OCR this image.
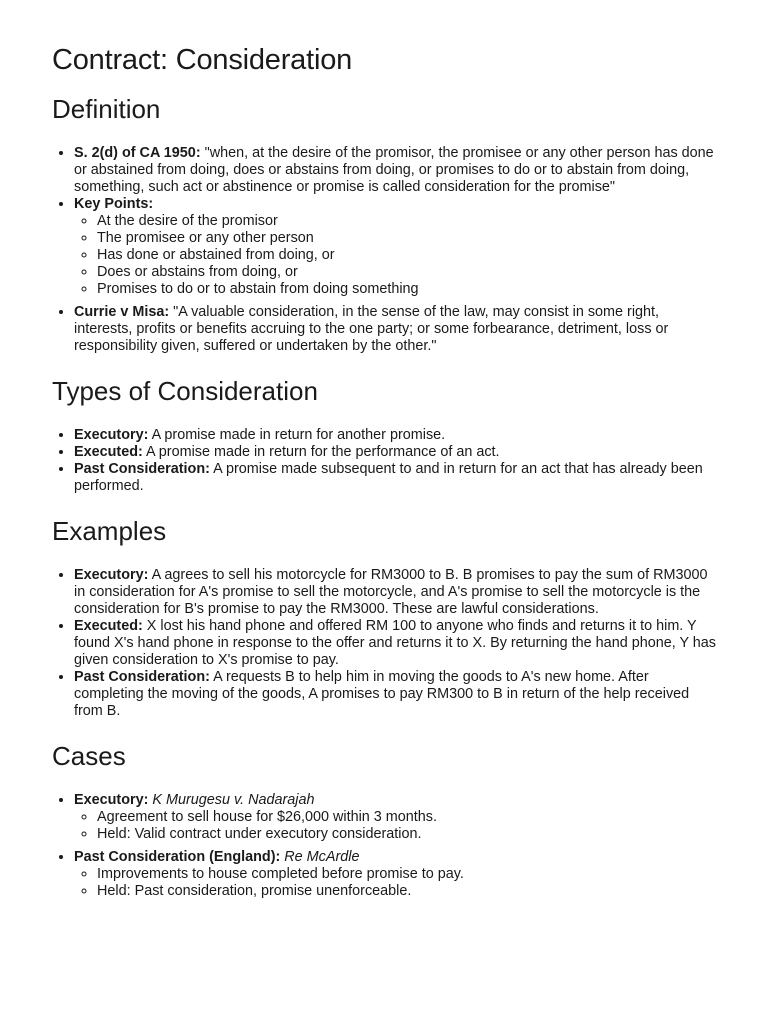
Contract: Consideration
Definition
• S. 2(d) of CA 1950: "when, at the desire of the promisor, the promisee or any other person has done or abstained from doing, does or abstains from doing, or promises to do or to abstain from doing, something, such act or abstinence or promise is called consideration for the promise"
• Key Points:
◦ At the desire of the promisor
◦ The promisee or any other person
◦ Has done or abstained from doing, or
◦ Does or abstains from doing, or
◦ Promises to do or to abstain from doing something
• Currie v Misa: "A valuable consideration, in the sense of the law, may consist in some right, interests, profits or benefits accruing to the one party; or some forbearance, detriment, loss or responsibility given, suffered or undertaken by the other."
Types of Consideration
• Executory: A promise made in return for another promise.
• Executed: A promise made in return for the performance of an act.
• Past Consideration: A promise made subsequent to and in return for an act that has already been performed.
Examples
• Executory: A agrees to sell his motorcycle for RM3000 to B. B promises to pay the sum of RM3000 in consideration for A's promise to sell the motorcycle, and A's promise to sell the motorcycle is the consideration for B's promise to pay the RM3000. These are lawful considerations.
• Executed: X lost his hand phone and offered RM 100 to anyone who finds and returns it to him. Y found X's hand phone in response to the offer and returns it to X. By returning the hand phone, Y has given consideration to X's promise to pay.
• Past Consideration: A requests B to help him in moving the goods to A's new home. After completing the moving of the goods, A promises to pay RM300 to B in return of the help received from B.
Cases
• Executory: K Murugesu v. Nadarajah
◦ Agreement to sell house for $26,000 within 3 months.
◦ Held: Valid contract under executory consideration.
• Past Consideration (England): Re McArdle
◦ Improvements to house completed before promise to pay.
◦ Held: Past consideration, promise unenforceable.
